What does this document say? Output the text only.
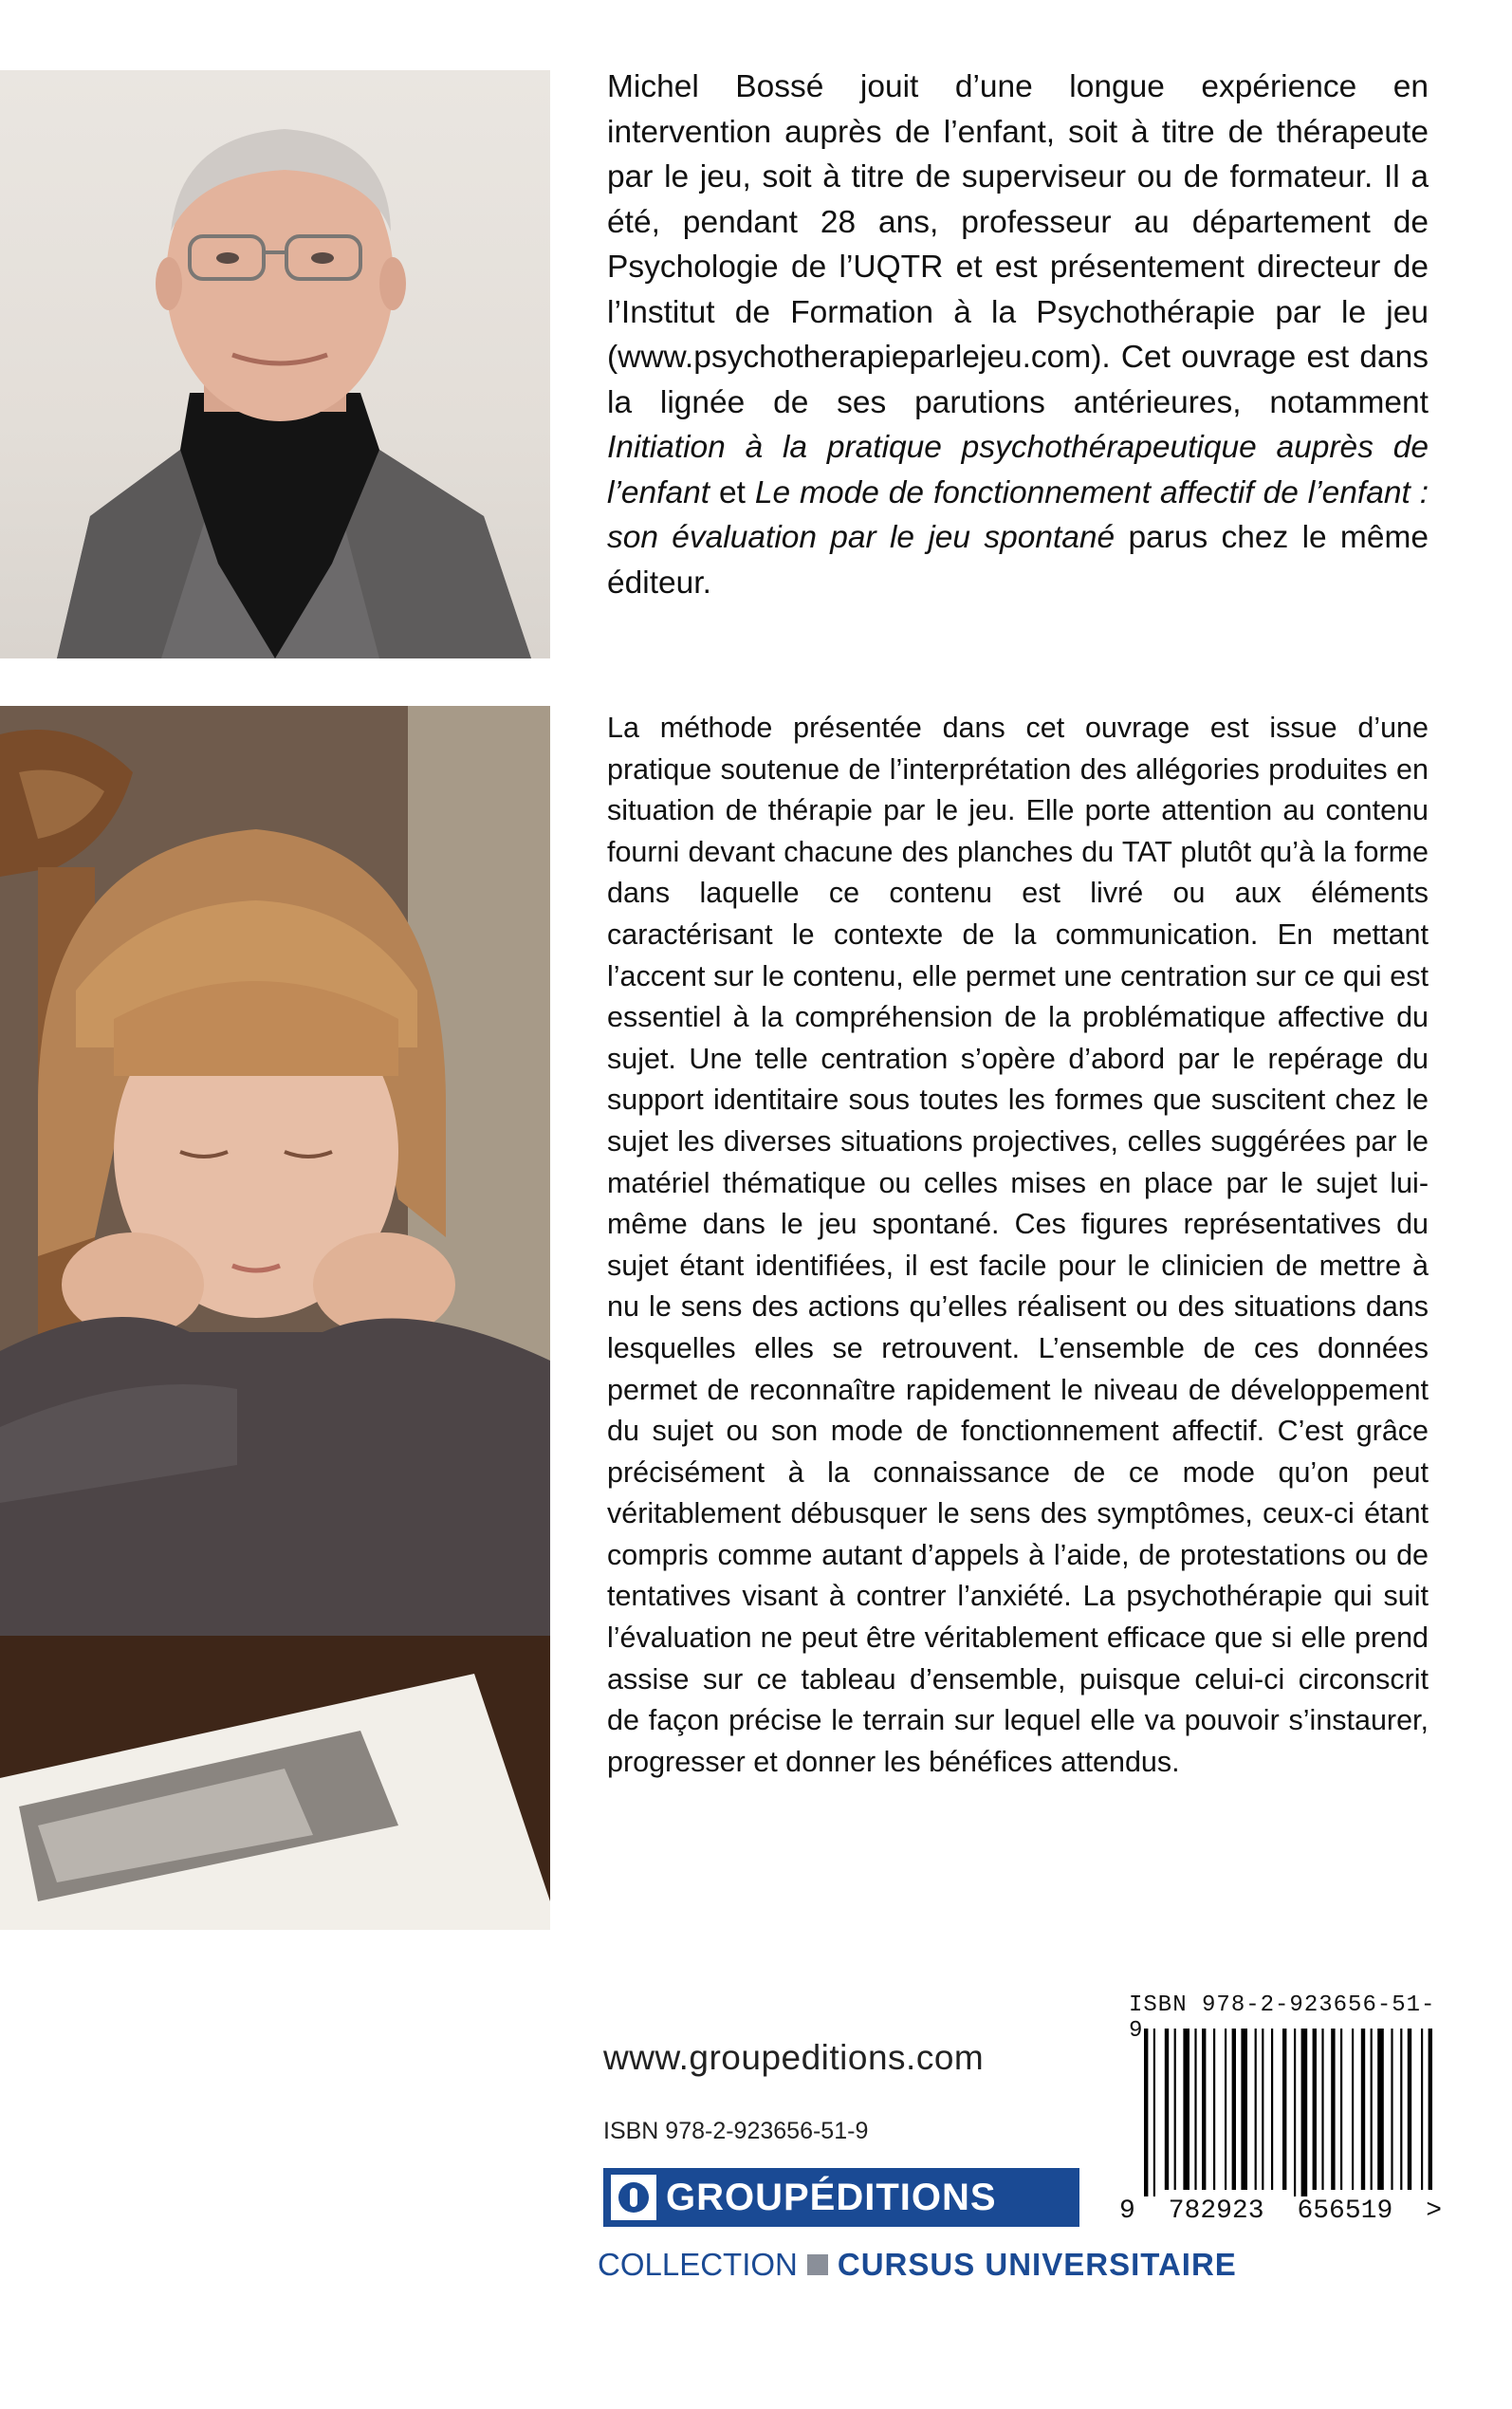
Michel Bossé jouit d’une longue expérience en intervention auprès de l’enfant, soit à titre de thérapeute par le jeu, soit à titre de superviseur ou de formateur. Il a été, pendant 28 ans, professeur au département de Psychologie de l’UQTR et est présentement directeur de l’Institut de Formation à la Psychothérapie par le jeu (www.psychotherapieparlejeu.com). Cet ouvrage est dans la lignée de ses parutions antérieures, notamment Initiation à la pratique psychothérapeutique auprès de l’enfant et Le mode de fonctionnement affectif de l’enfant : son évaluation par le jeu spontané parus chez le même éditeur.

La méthode présentée dans cet ouvrage est issue d’une pratique soutenue de l’interprétation des allégories produites en situation de thérapie par le jeu. Elle porte attention au contenu fourni devant chacune des planches du TAT plutôt qu’à la forme dans laquelle ce contenu est livré ou aux éléments caractérisant le contexte de la communication. En mettant l’accent sur le contenu, elle permet une centration sur ce qui est essentiel à la compréhension de la problématique affective du sujet. Une telle centration s’opère d’abord par le repérage du support identitaire sous toutes les formes que suscitent chez le sujet les diverses situations projectives, celles suggérées par le matériel thématique ou celles mises en place par le sujet lui-même dans le jeu spontané. Ces figures représentatives du sujet étant identifiées, il est facile pour le clinicien de mettre à nu le sens des actions qu’elles réalisent ou des situations dans lesquelles elles se retrouvent. L’ensemble de ces données permet de reconnaître rapidement le niveau de développement du sujet ou son mode de fonctionnement affectif. C’est grâce précisément à la connaissance de ce mode qu’on peut véritablement débusquer le sens des symptômes, ceux-ci étant compris comme autant d’appels à l’aide, de protestations ou de tentatives visant à contrer l’anxiété. La psychothérapie qui suit l’évaluation ne peut être véritablement efficace que si elle prend assise sur ce tableau d’ensemble, puisque celui-ci circonscrit de façon précise le terrain sur lequel elle va pouvoir s’instaurer, progresser et donner les bénéfices attendus.

www.groupeditions.com
ISBN 978-2-923656-51-9
GROUPÉDITIONS
COLLECTION CURSUS UNIVERSITAIRE
ISBN 978-2-923656-51-9
9 782923 656519 >
